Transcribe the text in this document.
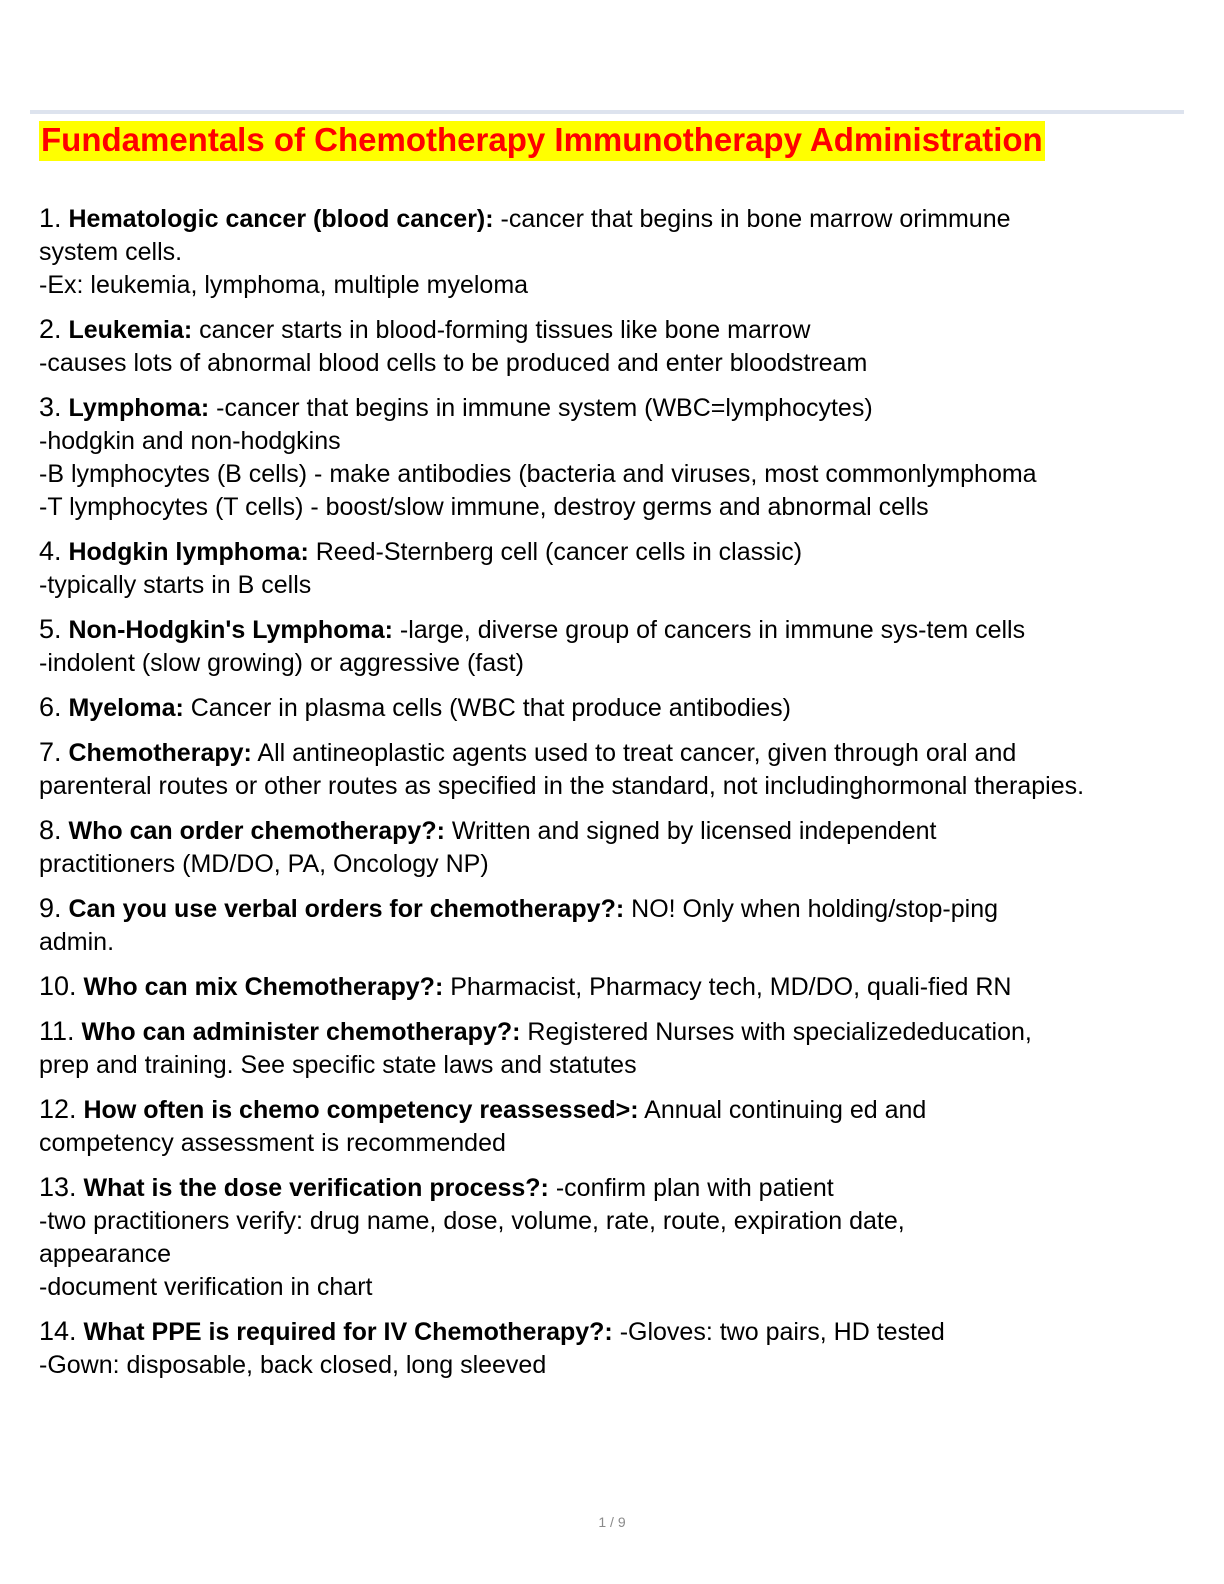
Fundamentals of Chemotherapy Immunotherapy Administration
1. Hematologic cancer (blood cancer): -cancer that begins in bone marrow orimmune
system cells.
-Ex: leukemia, lymphoma, multiple myeloma
2. Leukemia: cancer starts in blood-forming tissues like bone marrow
-causes lots of abnormal blood cells to be produced and enter bloodstream
3. Lymphoma: -cancer that begins in immune system (WBC=lymphocytes)
-hodgkin and non-hodgkins
-B lymphocytes (B cells) - make antibodies (bacteria and viruses, most commonlymphoma
-T lymphocytes (T cells) - boost/slow immune, destroy germs and abnormal cells
4. Hodgkin lymphoma: Reed-Sternberg cell (cancer cells in classic)
-typically starts in B cells
5. Non-Hodgkin's Lymphoma: -large, diverse group of cancers in immune sys-tem cells
-indolent (slow growing) or aggressive (fast)
6. Myeloma: Cancer in plasma cells (WBC that produce antibodies)
7. Chemotherapy: All antineoplastic agents used to treat cancer, given through oral and
parenteral routes or other routes as specified in the standard, not includinghormonal therapies.
8. Who can order chemotherapy?: Written and signed by licensed independent
practitioners (MD/DO, PA, Oncology NP)
9. Can you use verbal orders for chemotherapy?: NO! Only when holding/stop-ping
admin.
10. Who can mix Chemotherapy?: Pharmacist, Pharmacy tech, MD/DO, quali-fied RN
11. Who can administer chemotherapy?: Registered Nurses with specializededucation,
prep and training. See specific state laws and statutes
12. How often is chemo competency reassessed>: Annual continuing ed and
competency assessment is recommended
13. What is the dose verification process?: -confirm plan with patient
-two practitioners verify: drug name, dose, volume, rate, route, expiration date,
appearance
-document verification in chart
14. What PPE is required for IV Chemotherapy?: -Gloves: two pairs, HD tested
-Gown: disposable, back closed, long sleeved
1 / 9
